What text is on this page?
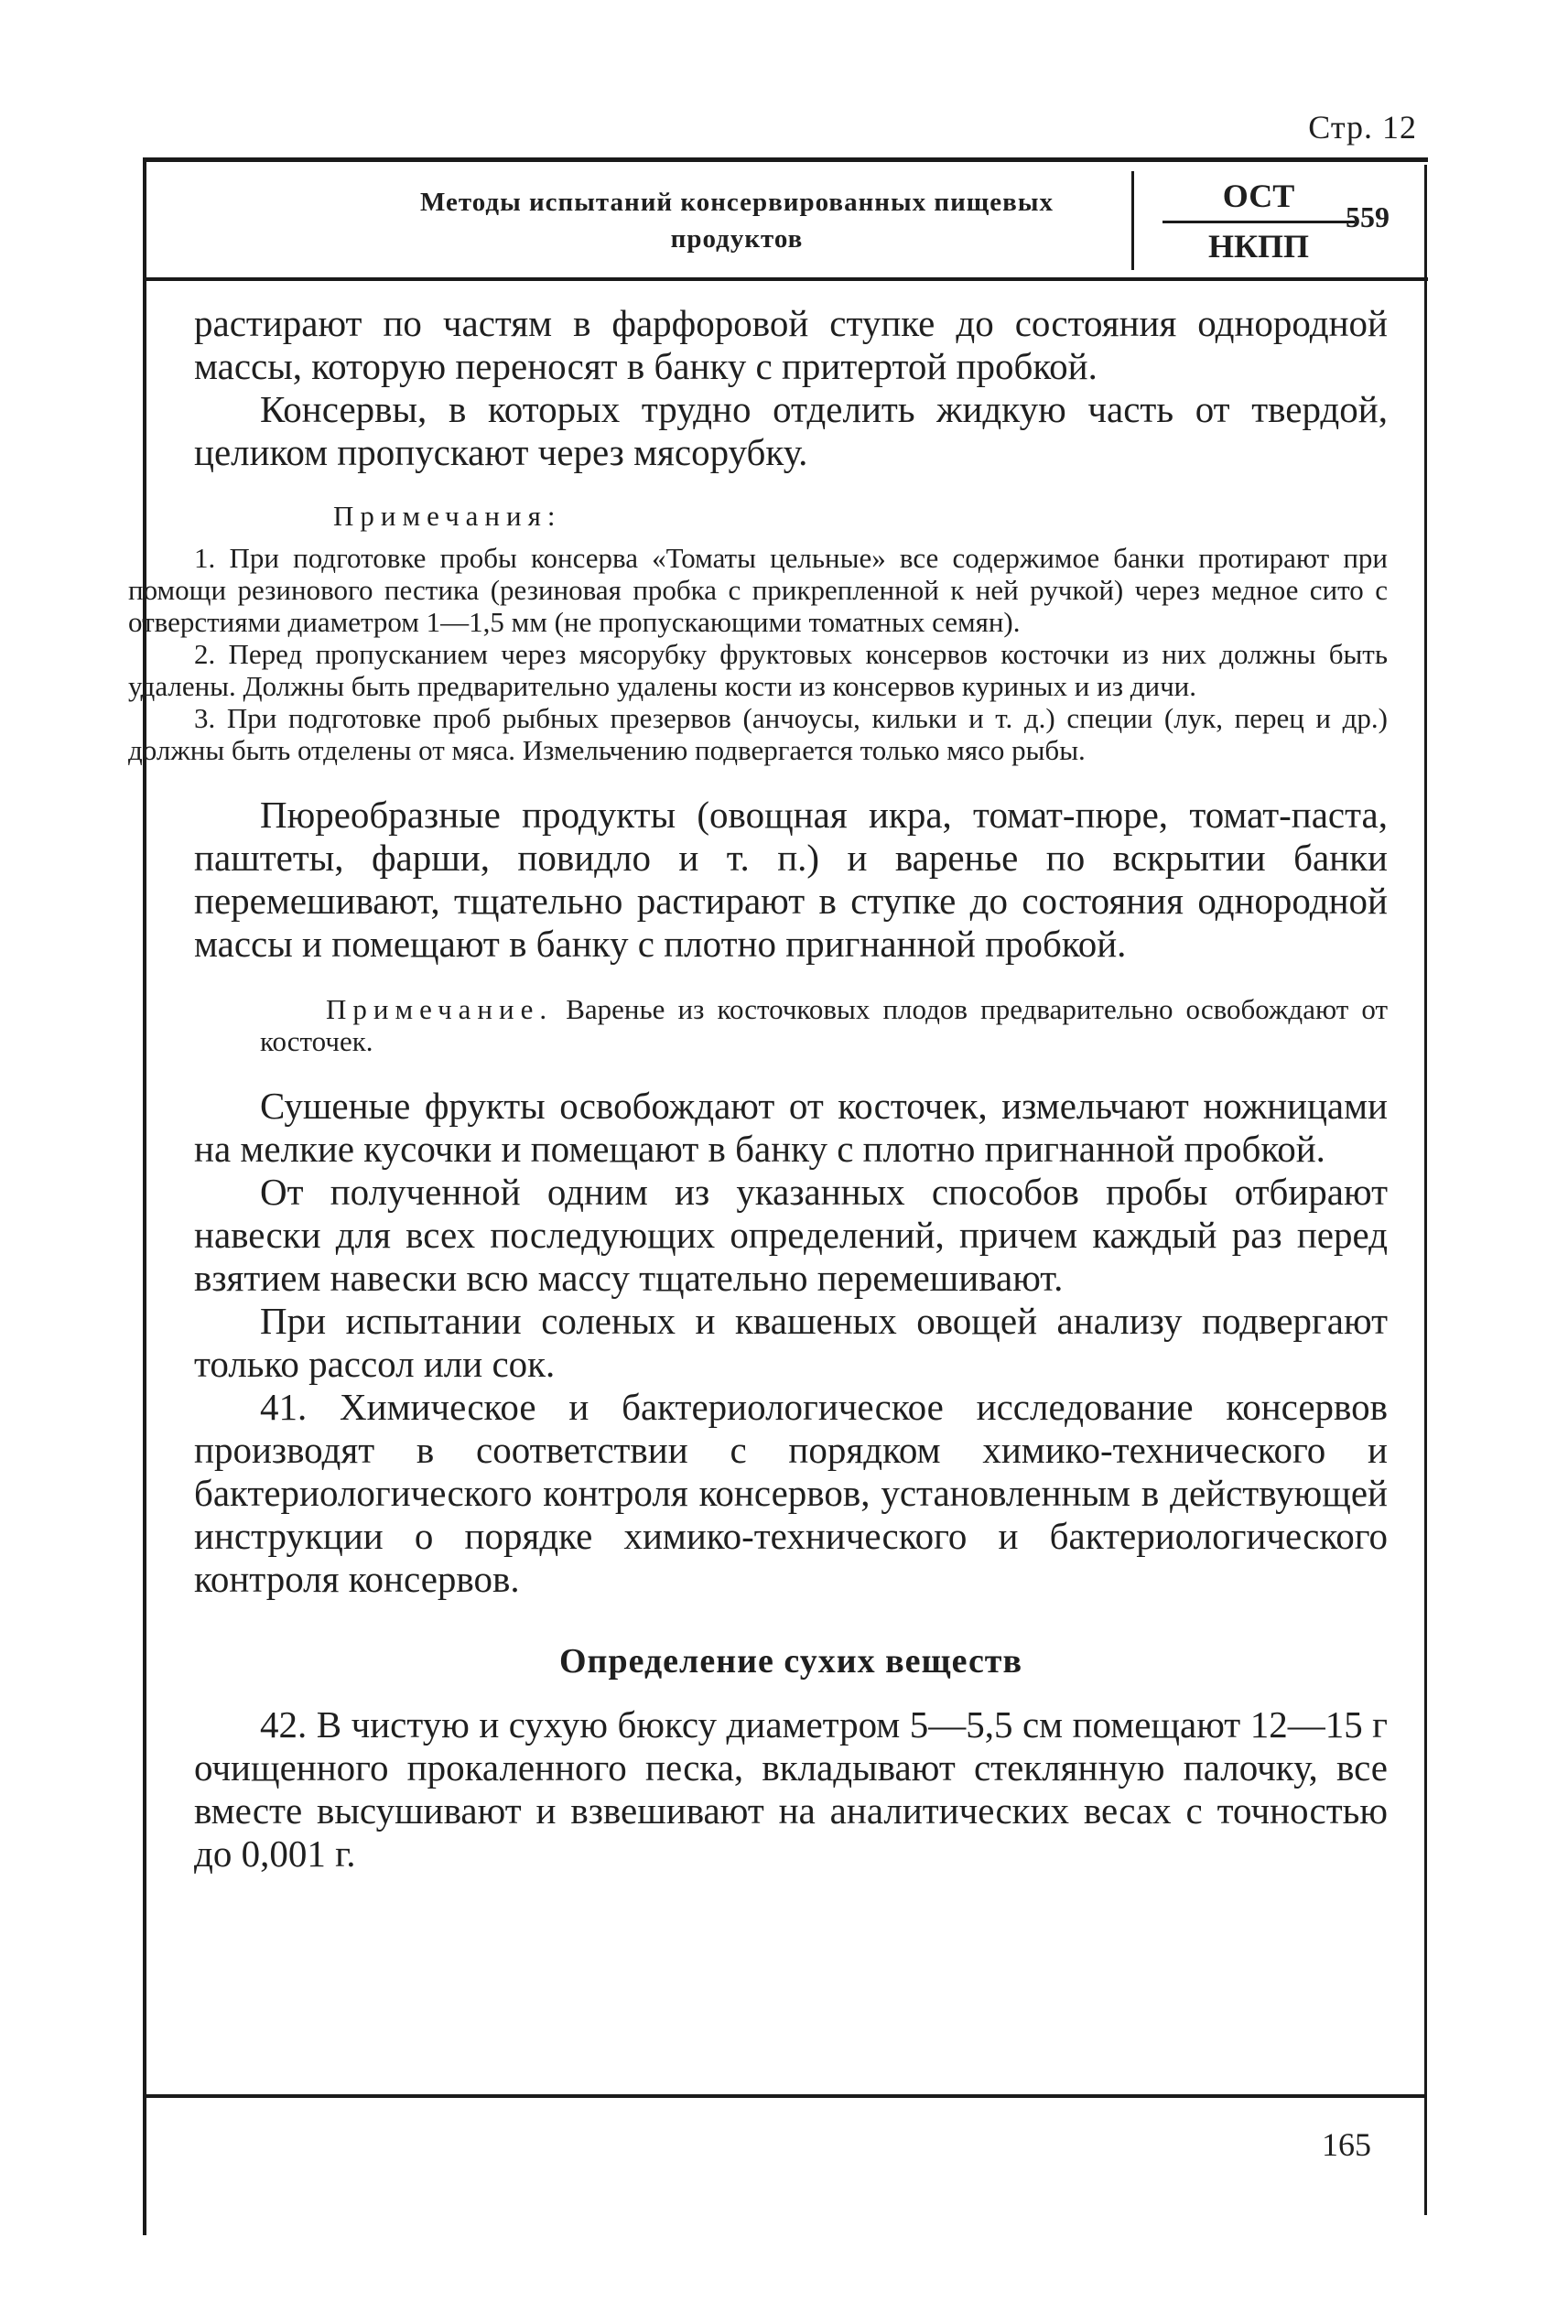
Стр. 12
Методы испытаний консервированных пищевых
продуктов
ОСТ
НКПП
559

растирают по частям в фарфоровой ступке до состояния однородной массы, которую переносят в банку с притертой пробкой.

Консервы, в которых трудно отделить жидкую часть от твердой, целиком пропускают через мясорубку.

Примечания:

1. При подготовке пробы консерва «Томаты цельные» все содержимое банки протирают при помощи резинового пестика (резиновая пробка с прикрепленной к ней ручкой) через медное сито с отверстиями диаметром 1—1,5 мм (не пропускающими томатных семян).

2. Перед пропусканием через мясорубку фруктовых консервов косточки из них должны быть удалены. Должны быть предварительно удалены кости из консервов куриных и из дичи.

3. При подготовке проб рыбных презервов (анчоусы, кильки и т. д.) специи (лук, перец и др.) должны быть отделены от мяса. Измельчению подвергается только мясо рыбы.

Пюреобразные продукты (овощная икра, томат-пюре, томат-паста, паштеты, фарши, повидло и т. п.) и варенье по вскрытии банки перемешивают, тщательно растирают в ступке до состояния однородной массы и помещают в банку с плотно пригнанной пробкой.

Примечание. Варенье из косточковых плодов предварительно освобождают от косточек.

Сушеные фрукты освобождают от косточек, измельчают ножницами на мелкие кусочки и помещают в банку с плотно пригнанной пробкой.

От полученной одним из указанных способов пробы отбирают навески для всех последующих определений, причем каждый раз перед взятием навески всю массу тщательно перемешивают.

При испытании соленых и квашеных овощей анализу подвергают только рассол или сок.

41. Химическое и бактериологическое исследование консервов производят в соответствии с порядком химико-технического и бактериологического контроля консервов, установленным в действующей инструкции о порядке химико-технического и бактериологического контроля консервов.

Определение сухих веществ

42. В чистую и сухую бюксу диаметром 5—5,5 см помещают 12—15 г очищенного прокаленного песка, вкладывают стеклянную палочку, все вместе высушивают и взвешивают на аналитических весах с точностью до 0,001 г.

165
